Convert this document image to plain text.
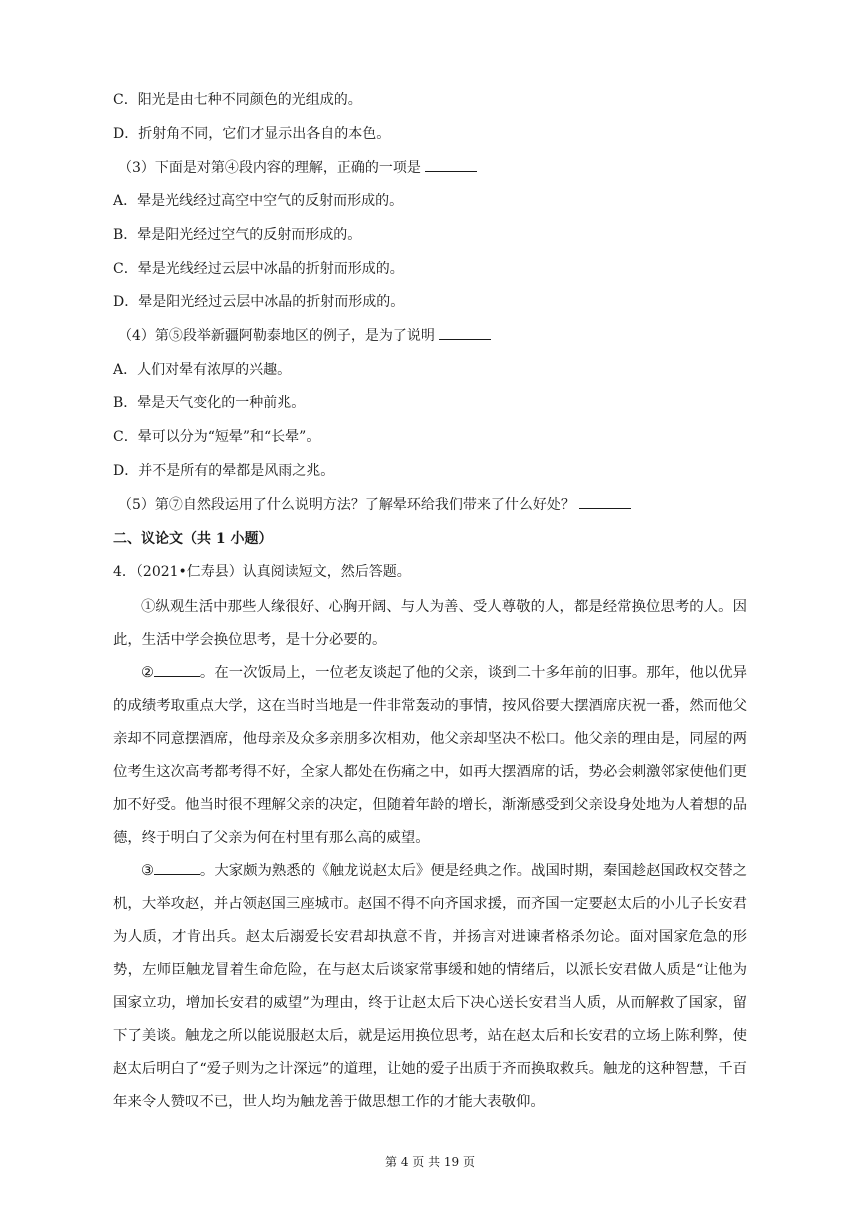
C．阳光是由七种不同颜色的光组成的。
D．折射角不同，它们才显示出各自的本色。
（3）下面是对第④段内容的理解，正确的一项是
A．晕是光线经过高空中空气的反射而形成的。
B．晕是阳光经过空气的反射而形成的。
C．晕是光线经过云层中冰晶的折射而形成的。
D．晕是阳光经过云层中冰晶的折射而形成的。
（4）第⑤段举新疆阿勒泰地区的例子，是为了说明
A．人们对晕有浓厚的兴趣。
B．晕是天气变化的一种前兆。
C．晕可以分为“短晕”和“长晕”。
D．并不是所有的晕都是风雨之兆。
（5）第⑦自然段运用了什么说明方法？了解晕环给我们带来了什么好处？
二、议论文（共 1 小题）
4．（2021•仁寿县）认真阅读短文，然后答题。
①纵观生活中那些人缘很好、心胸开阔、与人为善、受人尊敬的人，都是经常换位思考的人。因此，生活中学会换位思考，是十分必要的。
②	。在一次饭局上，一位老友谈起了他的父亲，谈到二十多年前的旧事。那年，他以优异的成绩考取重点大学，这在当时当地是一件非常轰动的事情，按风俗要大摆酒席庆祝一番，然而他父亲却不同意摆酒席，他母亲及众多亲朋多次相劝，他父亲却坚决不松口。他父亲的理由是，同屋的两位考生这次高考都考得不好，全家人都处在伤痛之中，如再大摆酒席的话，势必会刺激邻家使他们更加不好受。他当时很不理解父亲的决定，但随着年龄的增长，渐渐感受到父亲设身处地为人着想的品德，终于明白了父亲为何在村里有那么高的威望。
③	。大家颇为熟悉的《触龙说赵太后》便是经典之作。战国时期，秦国趁赵国政权交替之机，大举攻赵，并占领赵国三座城市。赵国不得不向齐国求援，而齐国一定要赵太后的小儿子长安君为人质，才肯出兵。赵太后溺爱长安君却执意不肯，并扬言对进谏者格杀勿论。面对国家危急的形势，左师臣触龙冒着生命危险，在与赵太后谈家常事缓和她的情绪后，以派长安君做人质是“让他为国家立功，增加长安君的威望”为理由，终于让赵太后下决心送长安君当人质，从而解救了国家，留下了美谈。触龙之所以能说服赵太后，就是运用换位思考，站在赵太后和长安君的立场上陈利弊，使赵太后明白了“爱子则为之计深远”的道理，让她的爱子出质于齐而换取救兵。触龙的这种智慧，千百年来令人赞叹不已，世人均为触龙善于做思想工作的才能大表敬仰。
第 4 页 共 19 页
